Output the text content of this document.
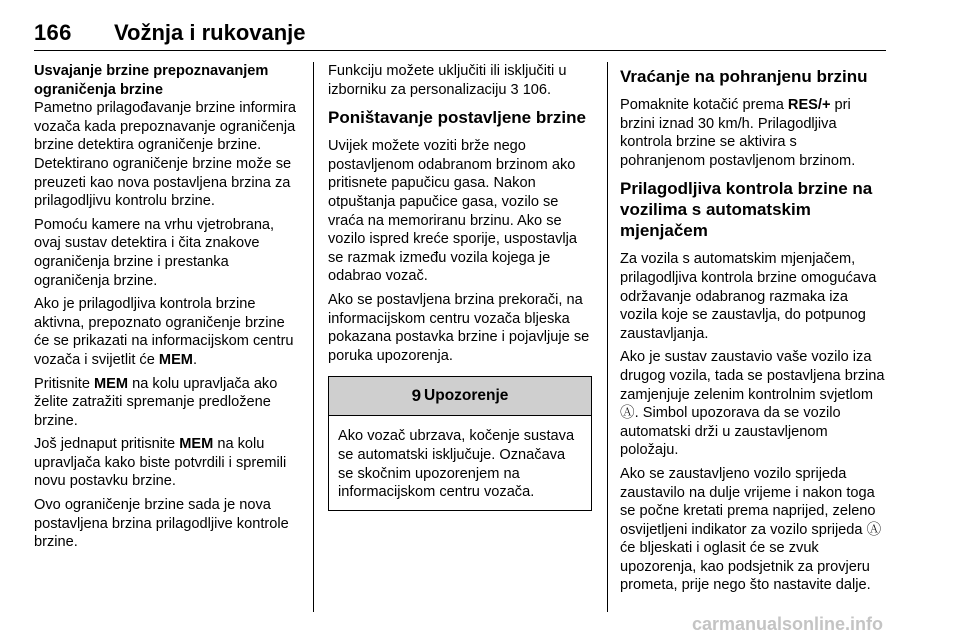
166 Vožnja i rukovanje

Usvajanje brzine prepoznavanjem ograničenja brzine

Pametno prilagođavanje brzine informira vozača kada prepoznavanje ograničenja brzine detektira ograničenje brzine. Detektirano ograničenje brzine može se preuzeti kao nova postavljena brzina za prilagodljivu kontrolu brzine.

Pomoću kamere na vrhu vjetrobrana, ovaj sustav detektira i čita znakove ograničenja brzine i prestanka ograničenja brzine.

Ako je prilagodljiva kontrola brzine aktivna, prepoznato ograničenje brzine će se prikazati na informacijskom centru vozača i svijetlit će MEM.

Pritisnite MEM na kolu upravljača ako želite zatražiti spremanje predložene brzine.

Još jednaput pritisnite MEM na kolu upravljača kako biste potvrdili i spremili novu postavku brzine.

Ovo ograničenje brzine sada je nova postavljena brzina prilagodljive kontrole brzine.

Funkciju možete uključiti ili isključiti u izborniku za personalizaciju 3 106.

Poništavanje postavljene brzine

Uvijek možete voziti brže nego postavljenom odabranom brzinom ako pritisnete papučicu gasa. Nakon otpuštanja papučice gasa, vozilo se vraća na memoriranu brzinu. Ako se vozilo ispred kreće sporije, uspostavlja se razmak između vozila kojega je odabrao vozač.

Ako se postavljena brzina prekorači, na informacijskom centru vozača bljeska pokazana postavka brzine i pojavljuje se poruka upozorenja.

9 Upozorenje
Ako vozač ubrzava, kočenje sustava se automatski isključuje. Označava se skočnim upozorenjem na informacijskom centru vozača.
Vraćanje na pohranjenu brzinu

Pomaknite kotačić prema RES/+ pri brzini iznad 30 km/h. Prilagodljiva kontrola brzine se aktivira s pohranjenom postavljenom brzinom.

Prilagodljiva kontrola brzine na vozilima s automatskim mjenjačem

Za vozila s automatskim mjenjačem, prilagodljiva kontrola brzine omogućava održavanje odabranog razmaka iza vozila koje se zaustavlja, do potpunog zaustavljanja.

Ako je sustav zaustavio vaše vozilo iza drugog vozila, tada se postavljena brzina zamjenjuje zelenim kontrolnim svjetlom Ⓐ. Simbol upozorava da se vozilo automatski drži u zaustavljenom položaju.

Ako se zaustavljeno vozilo sprijeda zaustavilo na dulje vrijeme i nakon toga se počne kretati prema naprijed, zeleno osvijetljeni indikator za vozilo sprijeda Ⓐ će bljeskati i oglasit će se zvuk upozorenja, kao podsjetnik za provjeru prometa, prije nego što nastavite dalje.

carmanualsonline.info
